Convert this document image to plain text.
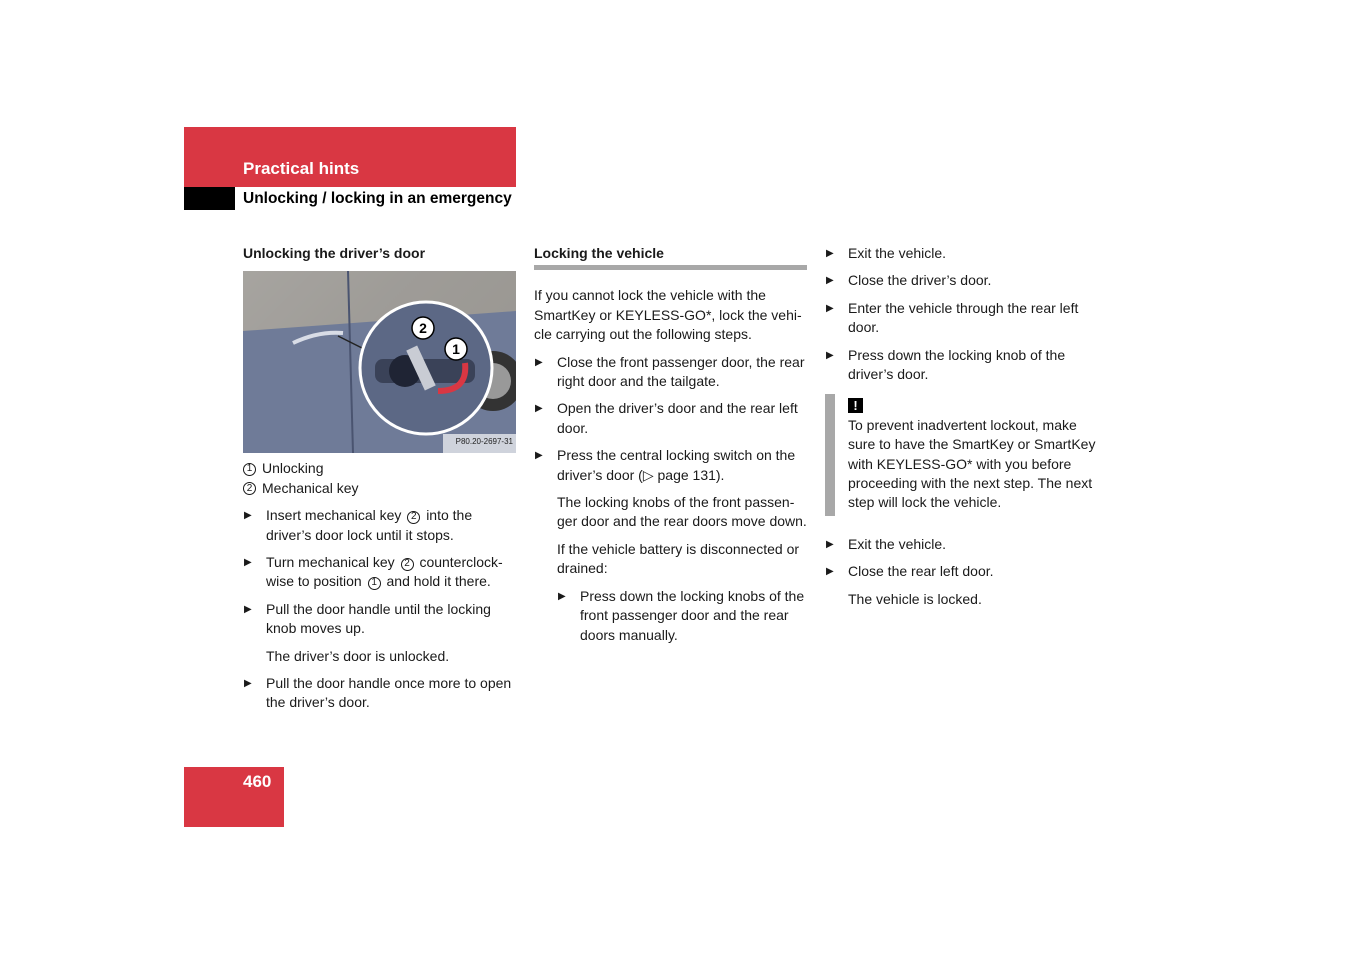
Practical hints
Unlocking / locking in an emergency
Unlocking the driver’s door
2
1
P80.20-2697-31
1 Unlocking
2 Mechanical key
▶ Insert mechanical key 2 into the driver’s door lock until it stops.
▶ Turn mechanical key 2 counterclock-wise to position 1 and hold it there.
▶ Pull the door handle until the locking knob moves up.
The driver’s door is unlocked.
▶ Pull the door handle once more to open the driver’s door.
Locking the vehicle
If you cannot lock the vehicle with the SmartKey or KEYLESS-GO*, lock the vehi-cle carrying out the following steps.
▶ Close the front passenger door, the rear right door and the tailgate.
▶ Open the driver’s door and the rear left door.
▶ Press the central locking switch on the driver’s door (▷ page 131).
The locking knobs of the front passen-ger door and the rear doors move down.
If the vehicle battery is disconnected or drained:
▶ Press down the locking knobs of the front passenger door and the rear doors manually.
▶ Exit the vehicle.
▶ Close the driver’s door.
▶ Enter the vehicle through the rear left door.
▶ Press down the locking knob of the driver’s door.
!
To prevent inadvertent lockout, make sure to have the SmartKey or SmartKey with KEYLESS-GO* with you before proceeding with the next step. The next step will lock the vehicle.
▶ Exit the vehicle.
▶ Close the rear left door.
The vehicle is locked.
460
